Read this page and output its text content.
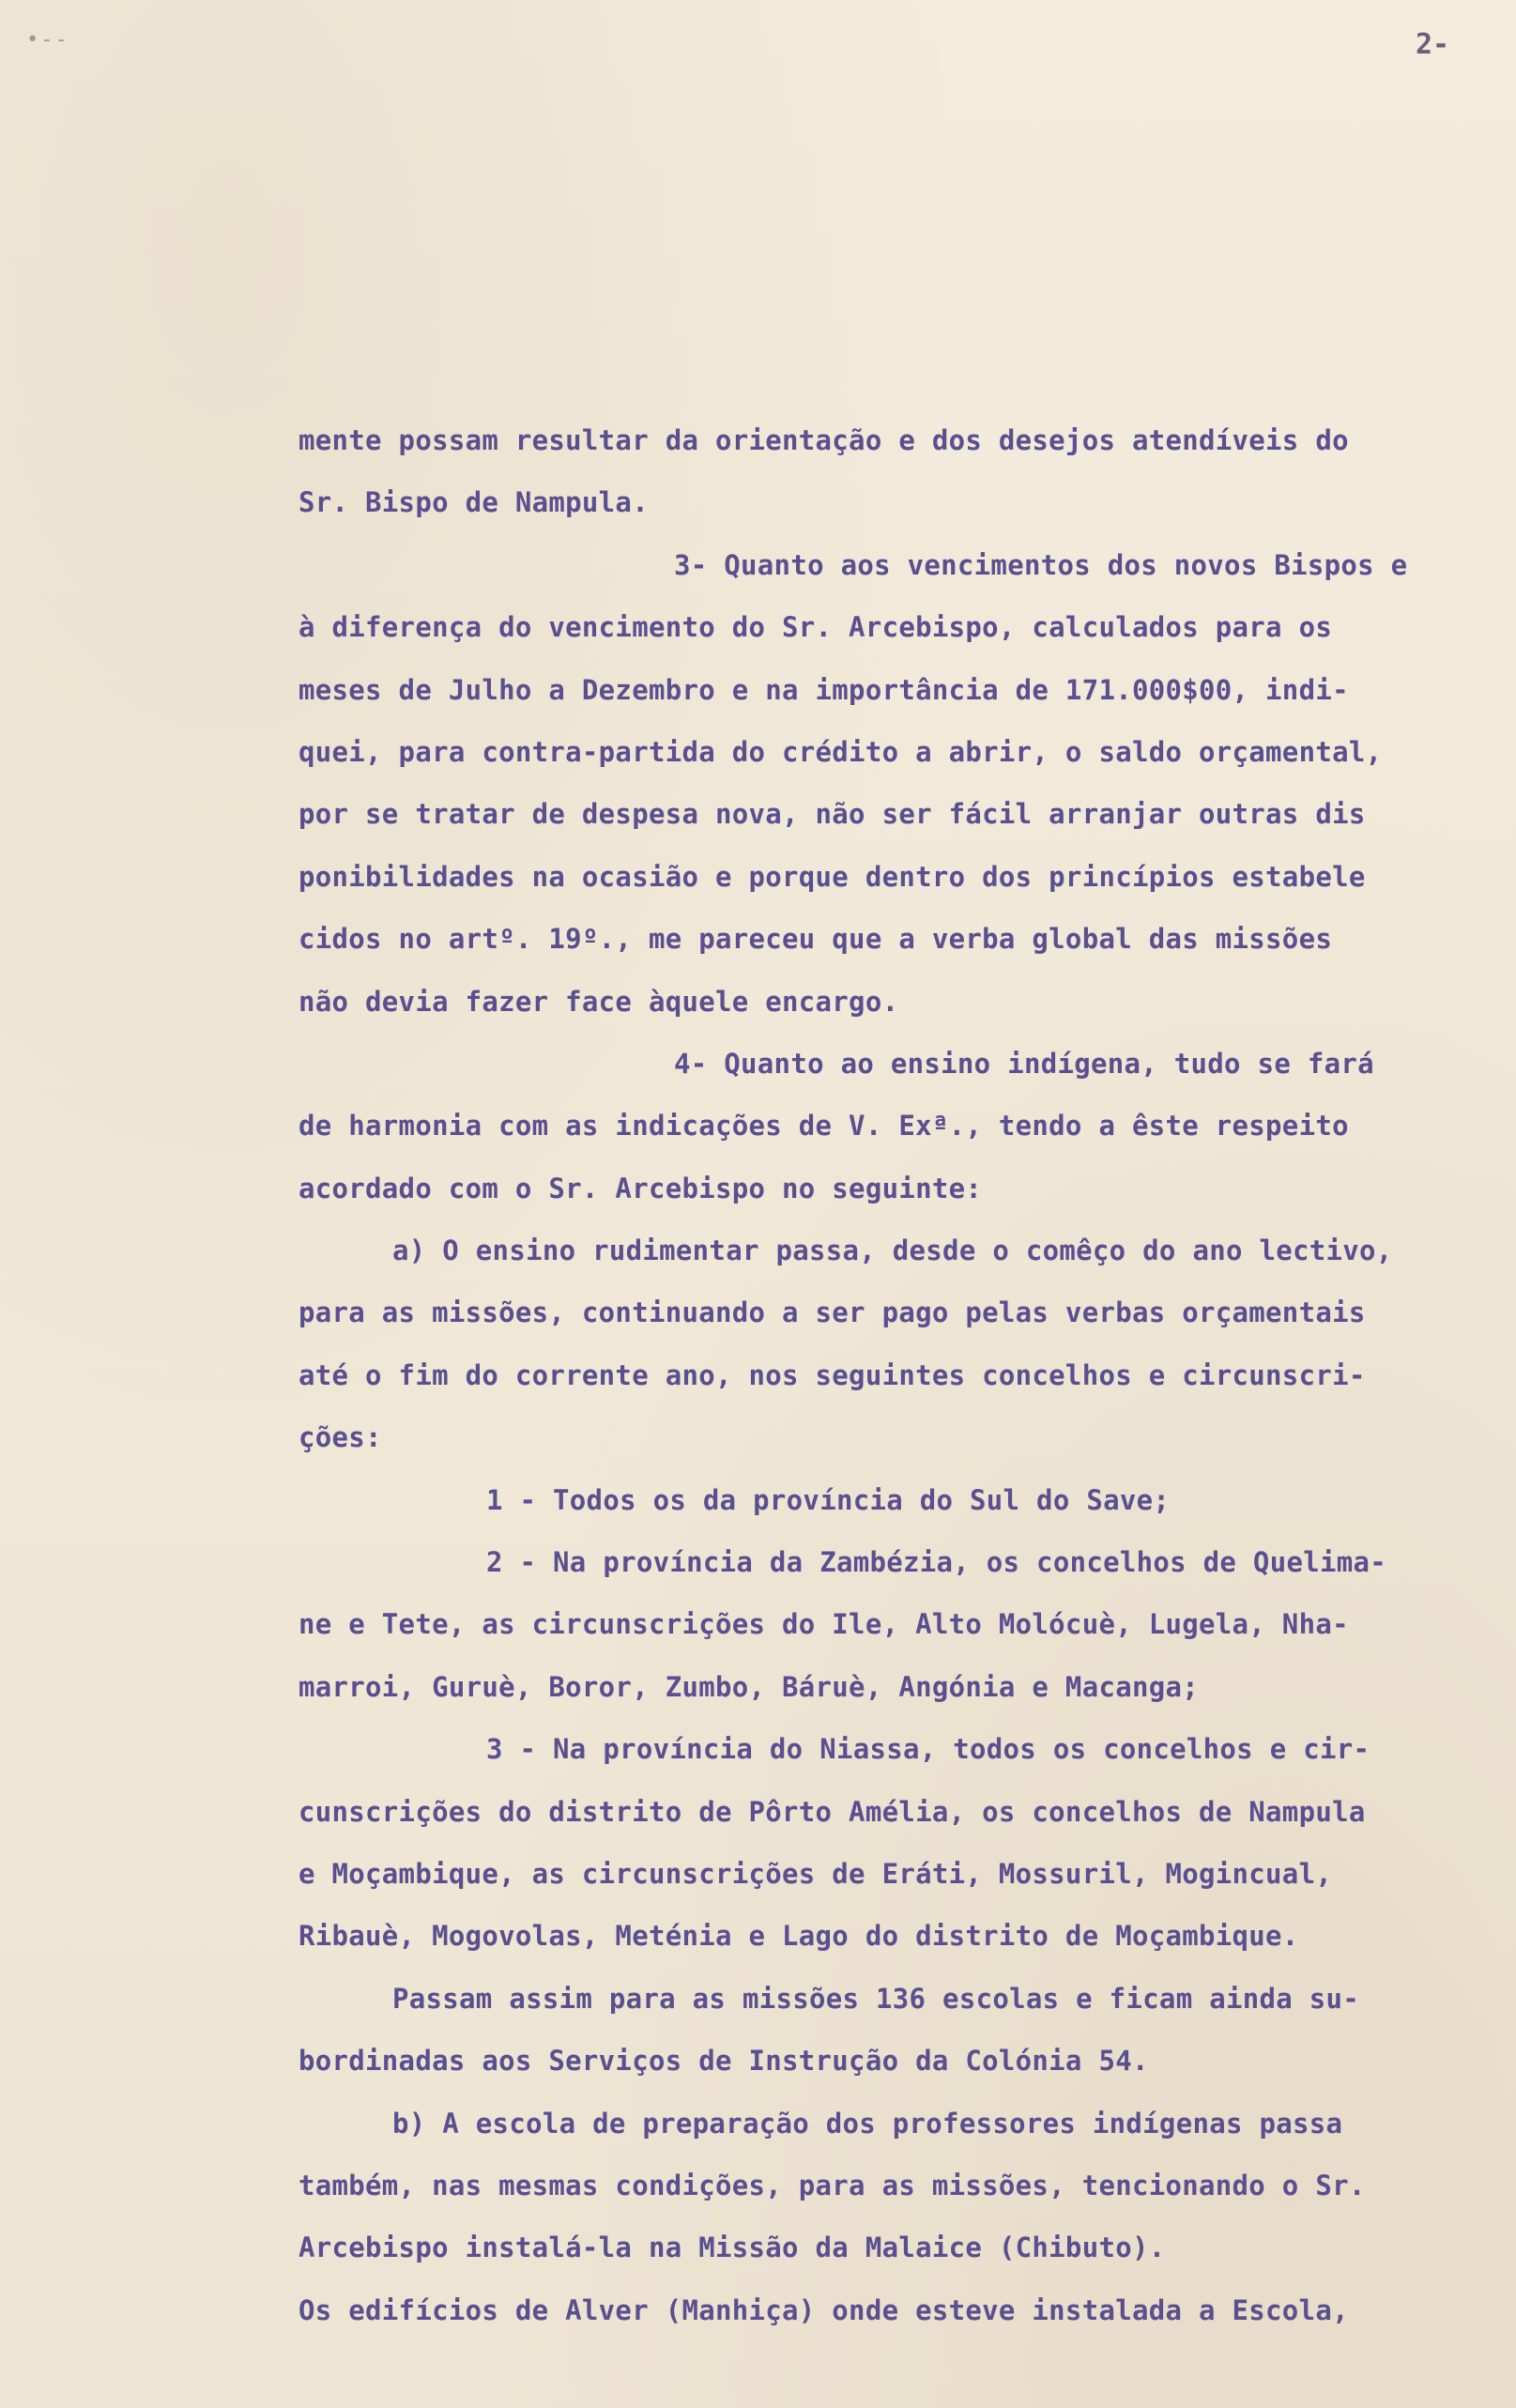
•--	2-
mente possam resultar da orientação e dos desejos atendíveis do
Sr. Bispo de Nampula.
3- Quanto aos vencimentos dos novos Bispos e
à diferença do vencimento do Sr. Arcebispo, calculados para os
meses de Julho a Dezembro e na importância de 171.000$00, indi-
quei, para contra-partida do crédito a abrir, o saldo orçamental,
por se tratar de despesa nova, não ser fácil arranjar outras dis
ponibilidades na ocasião e porque dentro dos princípios estabele
cidos no artº. 19º., me pareceu que a verba global das missões
não devia fazer face àquele encargo.
4- Quanto ao ensino indígena, tudo se fará
de harmonia com as indicações de V. Exª., tendo a êste respeito
acordado com o Sr. Arcebispo no seguinte:
a) O ensino rudimentar passa, desde o comêço do ano lectivo,
para as missões, continuando a ser pago pelas verbas orçamentais
até o fim do corrente ano, nos seguintes concelhos e circunscri-
ções:
1 - Todos os da província do Sul do Save;
2 - Na província da Zambézia, os concelhos de Quelima-
ne e Tete, as circunscrições do Ile, Alto Molócuè, Lugela, Nha-
marroi, Guruè, Boror, Zumbo, Báruè, Angónia e Macanga;
3 - Na província do Niassa, todos os concelhos e cir-
cunscrições do distrito de Pôrto Amélia, os concelhos de Nampula
e Moçambique, as circunscrições de Eráti, Mossuril, Mogincual,
Ribauè, Mogovolas, Meténia e Lago do distrito de Moçambique.
Passam assim para as missões 136 escolas e ficam ainda su-
bordinadas aos Serviços de Instrução da Colónia 54.
b) A escola de preparação dos professores indígenas passa
também, nas mesmas condições, para as missões, tencionando o Sr.
Arcebispo instalá-la na Missão da Malaice (Chibuto).
Os edifícios de Alver (Manhiça) onde esteve instalada a Escola,
